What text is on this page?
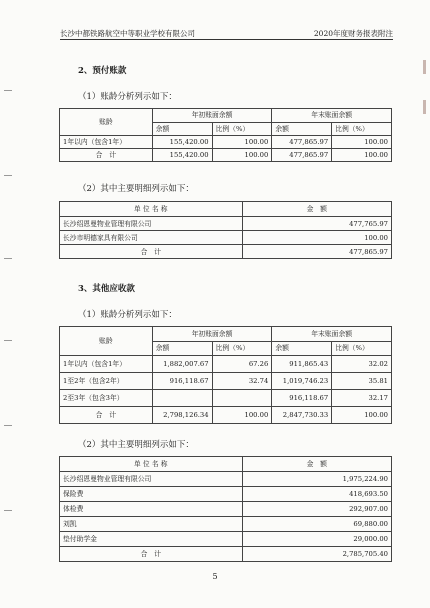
长沙中都铁路航空中等职业学校有限公司	2020年度财务报表附注
2、预付账款
（1）账龄分析列示如下：
账龄	年初账面余额		年末账面余额	
	余额	比例（%）	余额	比例（%）
1年以内（包含1年）	155,420.00	100.00	477,865.97	100.00
合　计	155,420.00	100.00	477,865.97	100.00
（2）其中主要明细列示如下：
单 位 名 称	金　额
长沙绍恩曼物业管理有限公司	477,765.97
长沙市明德家具有限公司	100.00
合　计	477,865.97
3、其他应收款
（1）账龄分析列示如下：
账龄	年初账面余额		年末账面余额	
	余额	比例（%）	余额	比例（%）
1年以内（包含1年）	1,882,007.67	67.26	911,865.43	32.02
1至2年（包含2年）	916,118.67	32.74	1,019,746.23	35.81
2至3年（包含3年）			916,118.67	32.17
合　计	2,798,126.34	100.00	2,847,730.33	100.00
（2）其中主要明细列示如下：
单 位 名 称	金　额
长沙绍恩曼物业管理有限公司	1,975,224.90
保险费	418,693.50
体检费	292,907.00
刘凯	69,880.00
垫付助学金	29,000.00
合　计	2,785,705.40
5
